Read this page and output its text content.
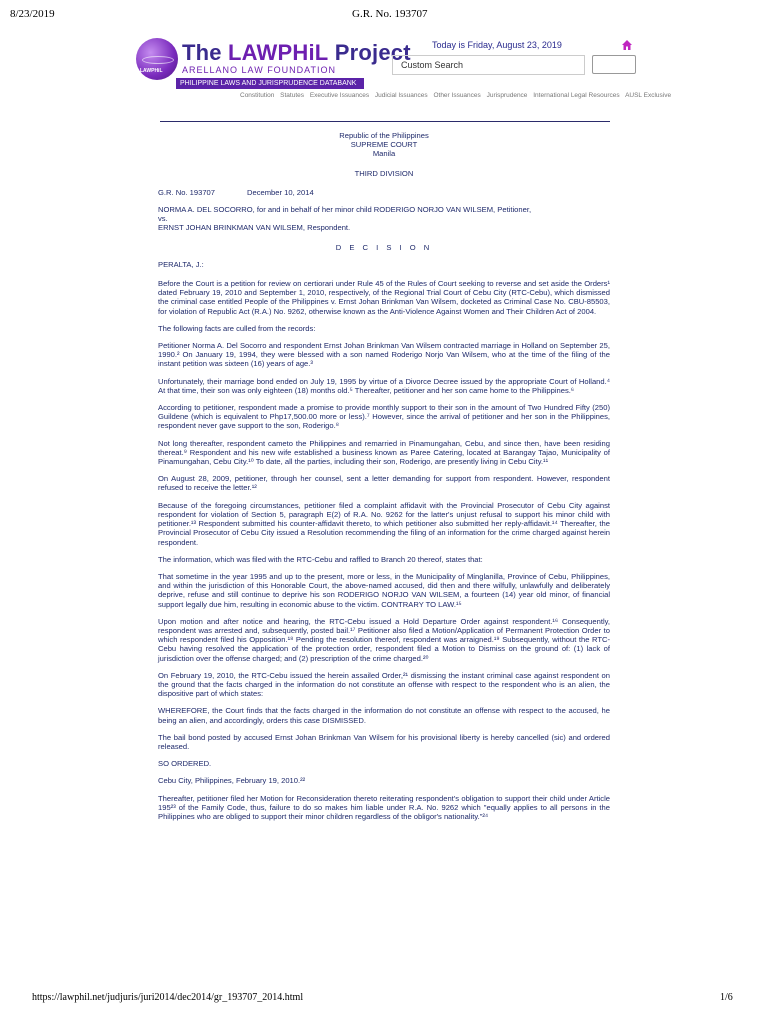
8/23/2019	G.R. No. 193707
LAWPHiL
The LAWPHiL Project
ARELLANO LAW FOUNDATION
PHILIPPINE LAWS AND JURISPRUDENCE DATABANK
Today is Friday, August 23, 2019
Custom Search
Constitution Statutes Executive Issuances Judicial Issuances Other Issuances Jurisprudence International Legal Resources AUSL Exclusive
Republic of the Philippines
SUPREME COURT
Manila
THIRD DIVISION
G.R. No. 193707	December 10, 2014
NORMA A. DEL SOCORRO, for and in behalf of her minor child RODERIGO NORJO VAN WILSEM, Petitioner,
vs.
ERNST JOHAN BRINKMAN VAN WILSEM, Respondent.
D E C I S I O N

PERALTA, J.:

Before the Court is a petition for review on certiorari under Rule 45 of the Rules of Court seeking to reverse and set aside the Orders¹ dated February 19, 2010 and September 1, 2010, respectively, of the Regional Trial Court of Cebu City (RTC-Cebu), which dismissed the criminal case entitled People of the Philippines v. Ernst Johan Brinkman Van Wilsem, docketed as Criminal Case No. CBU-85503, for violation of Republic Act (R.A.) No. 9262, otherwise known as the Anti-Violence Against Women and Their Children Act of 2004.

The following facts are culled from the records:

Petitioner Norma A. Del Socorro and respondent Ernst Johan Brinkman Van Wilsem contracted marriage in Holland on September 25, 1990.² On January 19, 1994, they were blessed with a son named Roderigo Norjo Van Wilsem, who at the time of the filing of the instant petition was sixteen (16) years of age.³

Unfortunately, their marriage bond ended on July 19, 1995 by virtue of a Divorce Decree issued by the appropriate Court of Holland.⁴ At that time, their son was only eighteen (18) months old.⁵ Thereafter, petitioner and her son came home to the Philippines.⁶

According to petitioner, respondent made a promise to provide monthly support to their son in the amount of Two Hundred Fifty (250) Guildene (which is equivalent to Php17,500.00 more or less).⁷ However, since the arrival of petitioner and her son in the Philippines, respondent never gave support to the son, Roderigo.⁸

Not long thereafter, respondent cameto the Philippines and remarried in Pinamungahan, Cebu, and since then, have been residing thereat.⁹ Respondent and his new wife established a business known as Paree Catering, located at Barangay Tajao, Municipality of Pinamungahan, Cebu City.¹⁰ To date, all the parties, including their son, Roderigo, are presently living in Cebu City.¹¹

On August 28, 2009, petitioner, through her counsel, sent a letter demanding for support from respondent. However, respondent refused to receive the letter.¹²

Because of the foregoing circumstances, petitioner filed a complaint affidavit with the Provincial Prosecutor of Cebu City against respondent for violation of Section 5, paragraph E(2) of R.A. No. 9262 for the latter's unjust refusal to support his minor child with petitioner.¹³ Respondent submitted his counter-affidavit thereto, to which petitioner also submitted her reply-affidavit.¹⁴ Thereafter, the Provincial Prosecutor of Cebu City issued a Resolution recommending the filing of an information for the crime charged against herein respondent.

The information, which was filed with the RTC-Cebu and raffled to Branch 20 thereof, states that:

That sometime in the year 1995 and up to the present, more or less, in the Municipality of Minglanilla, Province of Cebu, Philippines, and within the jurisdiction of this Honorable Court, the above-named accused, did then and there wilfully, unlawfully and deliberately deprive, refuse and still continue to deprive his son RODERIGO NORJO VAN WILSEM, a fourteen (14) year old minor, of financial support legally due him, resulting in economic abuse to the victim. CONTRARY TO LAW.¹⁵

Upon motion and after notice and hearing, the RTC-Cebu issued a Hold Departure Order against respondent.¹⁶ Consequently, respondent was arrested and, subsequently, posted bail.¹⁷ Petitioner also filed a Motion/Application of Permanent Protection Order to which respondent filed his Opposition.¹⁸ Pending the resolution thereof, respondent was arraigned.¹⁹ Subsequently, without the RTC-Cebu having resolved the application of the protection order, respondent filed a Motion to Dismiss on the ground of: (1) lack of jurisdiction over the offense charged; and (2) prescription of the crime charged.²⁰

On February 19, 2010, the RTC-Cebu issued the herein assailed Order,²¹ dismissing the instant criminal case against respondent on the ground that the facts charged in the information do not constitute an offense with respect to the respondent who is an alien, the dispositive part of which states:

WHEREFORE, the Court finds that the facts charged in the information do not constitute an offense with respect to the accused, he being an alien, and accordingly, orders this case DISMISSED.

The bail bond posted by accused Ernst Johan Brinkman Van Wilsem for his provisional liberty is hereby cancelled (sic) and ordered released.

SO ORDERED.

Cebu City, Philippines, February 19, 2010.²²

Thereafter, petitioner filed her Motion for Reconsideration thereto reiterating respondent's obligation to support their child under Article 195²³ of the Family Code, thus, failure to do so makes him liable under R.A. No. 9262 which "equally applies to all persons in the Philippines who are obliged to support their minor children regardless of the obligor's nationality."²⁴

https://lawphil.net/judjuris/juri2014/dec2014/gr_193707_2014.html	1/6
